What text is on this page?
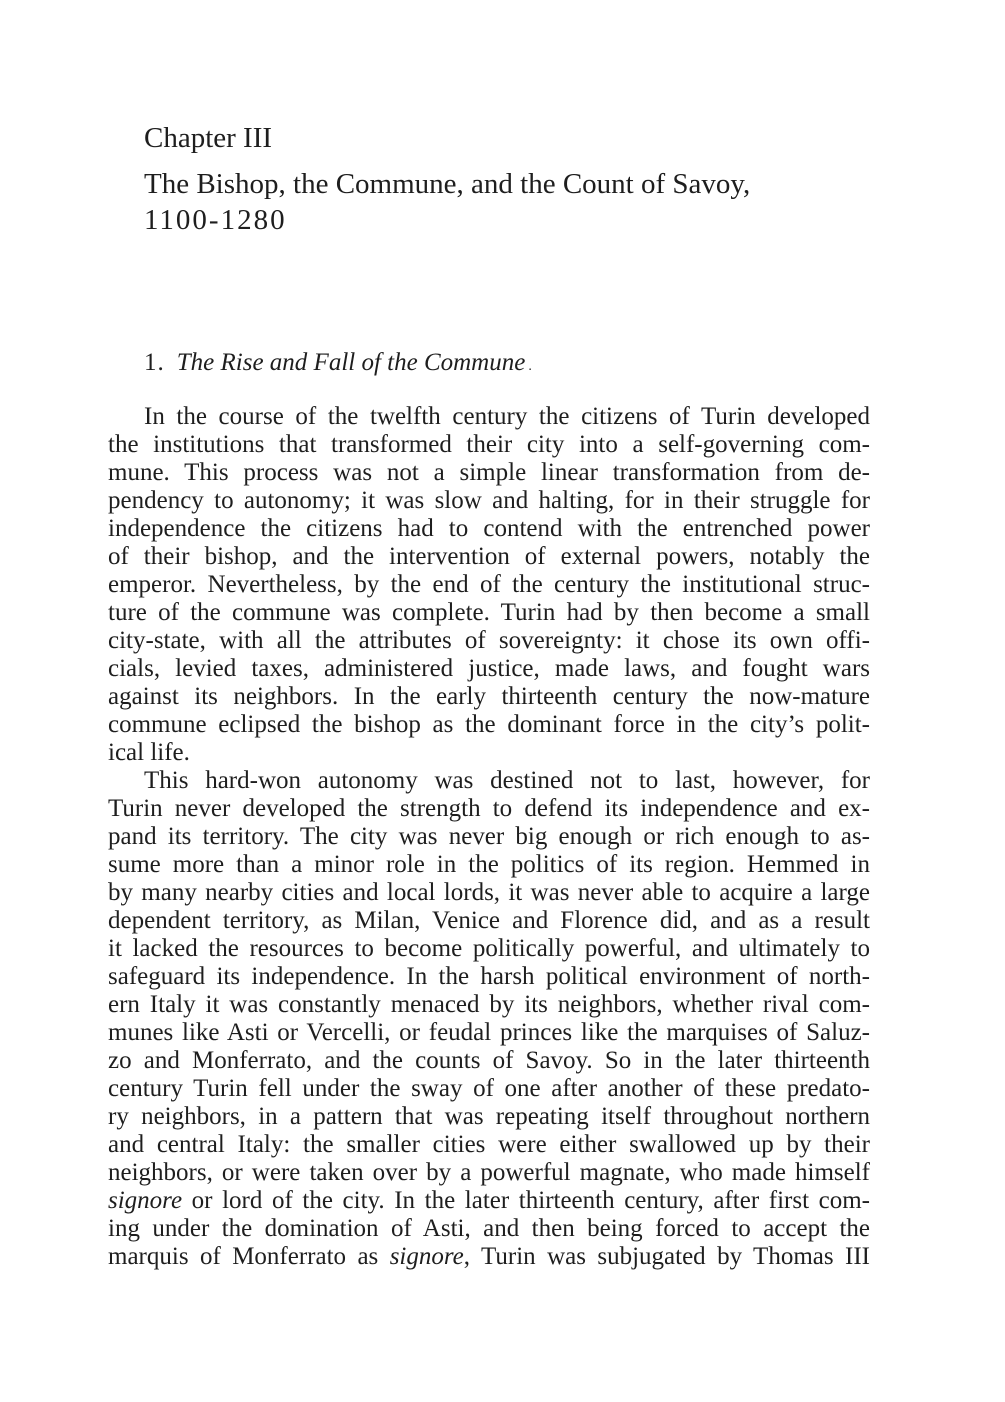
Chapter III
The Bishop, the Commune, and the Count of Savoy,
1100-1280
1. The Rise and Fall of the Commune .
In the course of the twelfth century the citizens of Turin developed
the institutions that transformed their city into a self-governing com-
mune. This process was not a simple linear transformation from de-
pendency to autonomy; it was slow and halting, for in their struggle for
independence the citizens had to contend with the entrenched power
of their bishop, and the intervention of external powers, notably the
emperor. Nevertheless, by the end of the century the institutional struc-
ture of the commune was complete. Turin had by then become a small
city-state, with all the attributes of sovereignty: it chose its own offi-
cials, levied taxes, administered justice, made laws, and fought wars
against its neighbors. In the early thirteenth century the now-mature
commune eclipsed the bishop as the dominant force in the city’s polit-
ical life.
This hard-won autonomy was destined not to last, however, for
Turin never developed the strength to defend its independence and ex-
pand its territory. The city was never big enough or rich enough to as-
sume more than a minor role in the politics of its region. Hemmed in
by many nearby cities and local lords, it was never able to acquire a large
dependent territory, as Milan, Venice and Florence did, and as a result
it lacked the resources to become politically powerful, and ultimately to
safeguard its independence. In the harsh political environment of north-
ern Italy it was constantly menaced by its neighbors, whether rival com-
munes like Asti or Vercelli, or feudal princes like the marquises of Saluz-
zo and Monferrato, and the counts of Savoy. So in the later thirteenth
century Turin fell under the sway of one after another of these predato-
ry neighbors, in a pattern that was repeating itself throughout northern
and central Italy: the smaller cities were either swallowed up by their
neighbors, or were taken over by a powerful magnate, who made himself
signore or lord of the city. In the later thirteenth century, after first com-
ing under the domination of Asti, and then being forced to accept the
marquis of Monferrato as signore, Turin was subjugated by Thomas III
